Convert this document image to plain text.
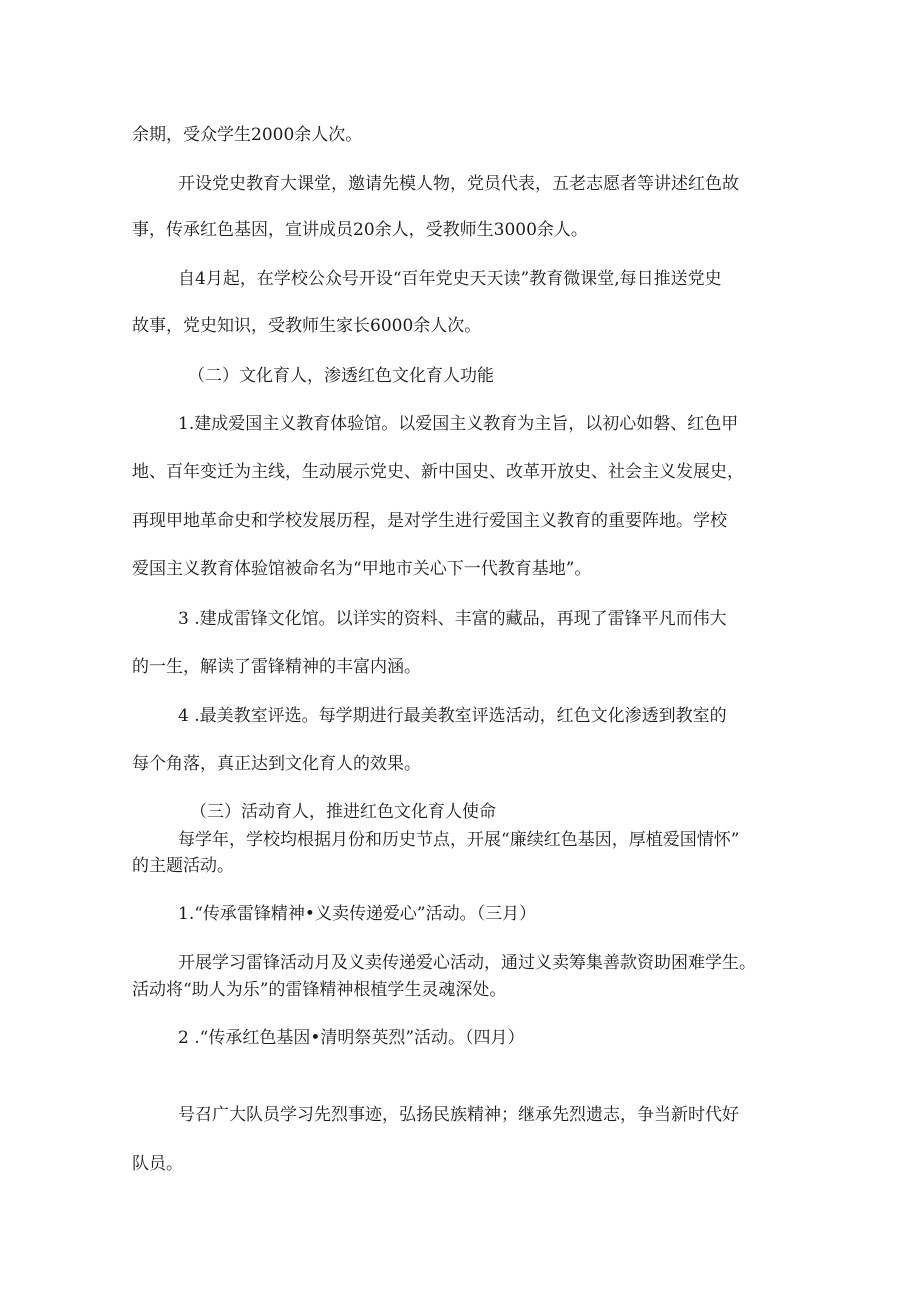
余期，受众学生2000余人次。
开设党史教育大课堂，邀请先模人物，党员代表，五老志愿者等讲述红色故
事，传承红色基因，宣讲成员20余人，受教师生3000余人。
自4月起，在学校公众号开设“百年党史天天读”教育微课堂,每日推送党史
故事，党史知识，受教师生家长6000余人次。
（二）文化育人，渗透红色文化育人功能
1.建成爱国主义教育体验馆。以爱国主义教育为主旨，以初心如磐、红色甲
地、百年变迁为主线，生动展示党史、新中国史、改革开放史、社会主义发展史，
再现甲地革命史和学校发展历程，是对学生进行爱国主义教育的重要阵地。学校
爱国主义教育体验馆被命名为“甲地市关心下一代教育基地”。
3 .建成雷锋文化馆。以详实的资料、丰富的藏品，再现了雷锋平凡而伟大
的一生，解读了雷锋精神的丰富内涵。
4 .最美教室评选。每学期进行最美教室评选活动，红色文化渗透到教室的
每个角落，真正达到文化育人的效果。
（三）活动育人，推进红色文化育人使命
每学年，学校均根据月份和历史节点，开展“廉续红色基因，厚植爱国情怀”
的主题活动。
1.“传承雷锋精神•义卖传递爱心”活动。（三月）
开展学习雷锋活动月及义卖传递爱心活动，通过义卖筹集善款资助困难学生。
活动将“助人为乐”的雷锋精神根植学生灵魂深处。
2 .“传承红色基因•清明祭英烈”活动。（四月）
号召广大队员学习先烈事迹，弘扬民族精神；继承先烈遗志，争当新时代好
队员。
